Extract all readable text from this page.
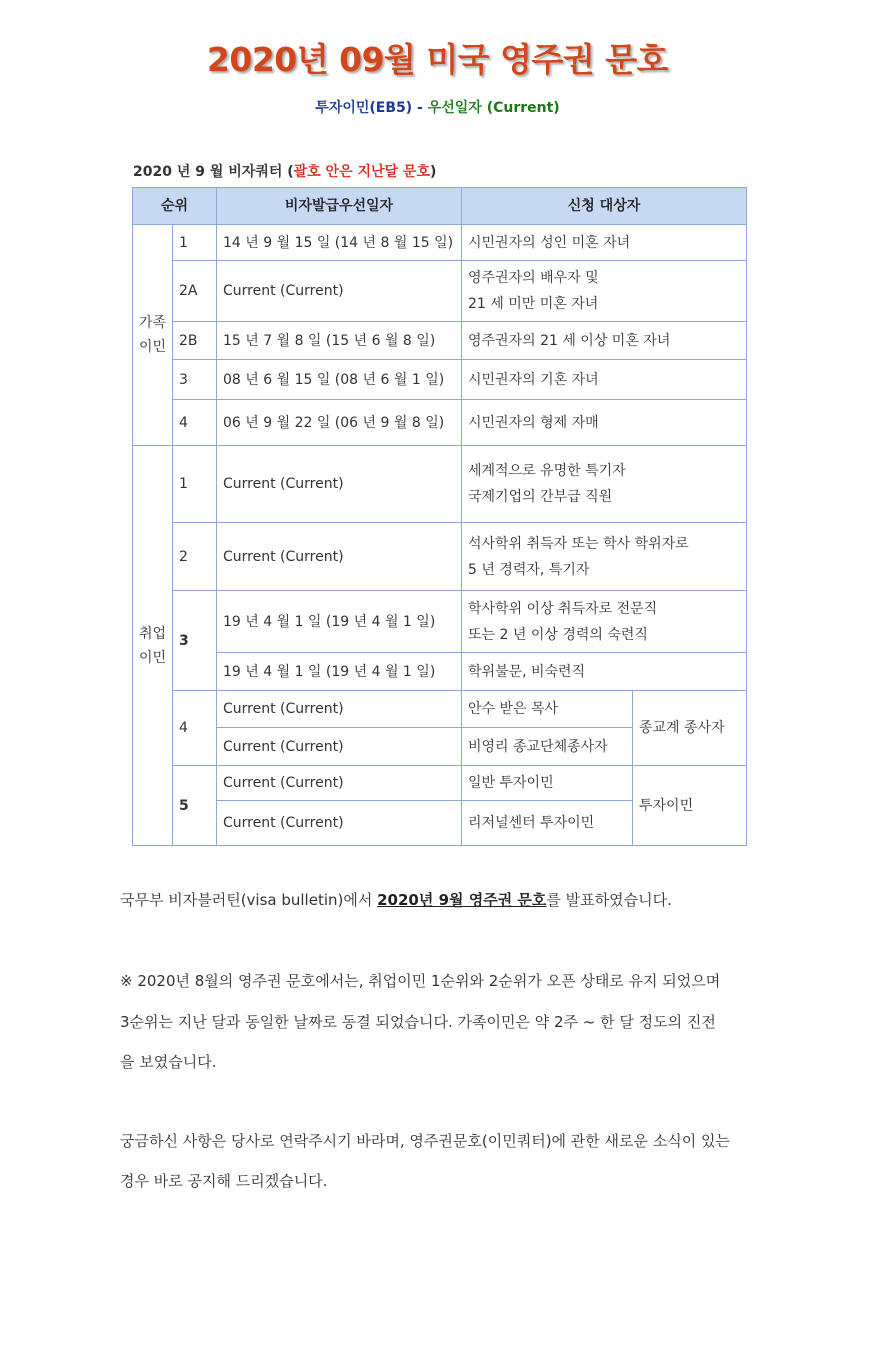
2020년 09월 미국 영주권 문호
투자이민(EB5) - 우선일자 (Current)
2020 년 9 월 비자쿼터 (괄호 안은 지난달 문호)
순위		비자발급우선일자	신청 대상자	

가족
이민	1	14 년 9 월 15 일 (14 년 8 월 15 일)	시민권자의 성인 미혼 자녀	
	2A	Current (Current)	영주권자의 배우자 및
21 세 미만 미혼 자녀	
	2B	15 년 7 월 8 일 (15 년 6 월 8 일)	영주권자의 21 세 이상 미혼 자녀	
	3	08 년 6 월 15 일 (08 년 6 월 1 일)	시민권자의 기혼 자녀	
	4	06 년 9 월 22 일 (06 년 9 월 8 일)	시민권자의 형제 자매	

취업
이민	1	Current (Current)	세계적으로 유명한 특기자
국제기업의 간부급 직원	
	2	Current (Current)	석사학위 취득자 또는 학사 학위자로
5 년 경력자, 특기자	
	3	19 년 4 월 1 일 (19 년 4 월 1 일)	학사학위 이상 취득자로 전문직
또는 2 년 이상 경력의 숙련직	
		19 년 4 월 1 일 (19 년 4 월 1 일)	학위불문, 비숙련직	
	4	Current (Current)	안수 받은 목사	종교계 종사자
		Current (Current)	비영리 종교단체종사자	
	5	Current (Current)	일반 투자이민	투자이민
		Current (Current)	리저널센터 투자이민	

국무부 비자블러틴(visa bulletin)에서 2020년 9월 영주권 문호를 발표하였습니다.

※ 2020년 8월의 영주권 문호에서는, 취업이민 1순위와 2순위가 오픈 상태로 유지 되었으며

3순위는 지난 달과 동일한 날짜로 동결 되었습니다. 가족이민은 약 2주 ~ 한 달 정도의 진전

을 보였습니다.

궁금하신 사항은 당사로 연락주시기 바라며, 영주권문호(이민쿼터)에 관한 새로운 소식이 있는

경우 바로 공지해 드리겠습니다.
